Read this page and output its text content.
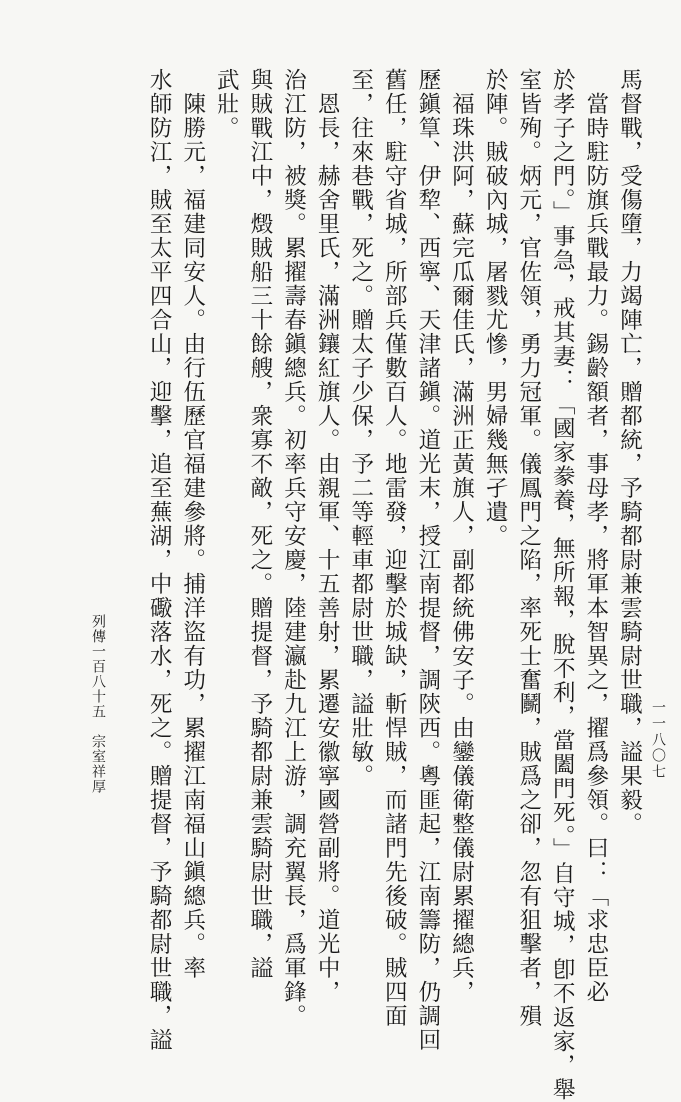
馬督戰，受傷墮，力竭陣亡，贈都統，予騎都尉兼雲騎尉世職，謚果毅。
當時駐防旗兵戰最力。錫齡額者，事母孝，將軍本智異之，擢爲參領。曰：「求忠臣必
於孝子之門。」事急，戒其妻：「國家豢養，無所報，脫不利，當闔門死。」自守城，卽不返家，舉
室皆殉。炳元，官佐領，勇力冠軍。儀鳳門之陷，率死士奮鬭，賊爲之卻，忽有狙擊者，殞
於陣。賊破內城，屠戮尤慘，男婦幾無孑遺。
福珠洪阿，蘇完瓜爾佳氏，滿洲正黃旗人，副都統佛安子。由鑾儀衛整儀尉累擢總兵，
歷鎭筸、伊犂、西寧、天津諸鎭。道光末，授江南提督，調陝西。粵匪起，江南籌防，仍調回
舊任，駐守省城，所部兵僅數百人。地雷發，迎擊於城缺，斬悍賊，而諸門先後破。賊四面
至，往來巷戰，死之。贈太子少保，予二等輕車都尉世職，謚壯敏。
恩長，赫舍里氏，滿洲鑲紅旗人。由親軍、十五善射，累遷安徽寧國營副將。道光中，
治江防，被獎。累擢壽春鎭總兵。初率兵守安慶，陸建瀛赴九江上游，調充翼長，爲軍鋒。
與賊戰江中，燬賊船三十餘艘，衆寡不敵，死之。贈提督，予騎都尉兼雲騎尉世職，謚
武壯。
陳勝元，福建同安人。由行伍歷官福建參將。捕洋盜有功，累擢江南福山鎭總兵。率
水師防江，賊至太平四合山，迎擊，追至蕪湖，中礮落水，死之。贈提督，予騎都尉世職，謚
列傳一百八十五　宗室祥厚	一一八〇七
